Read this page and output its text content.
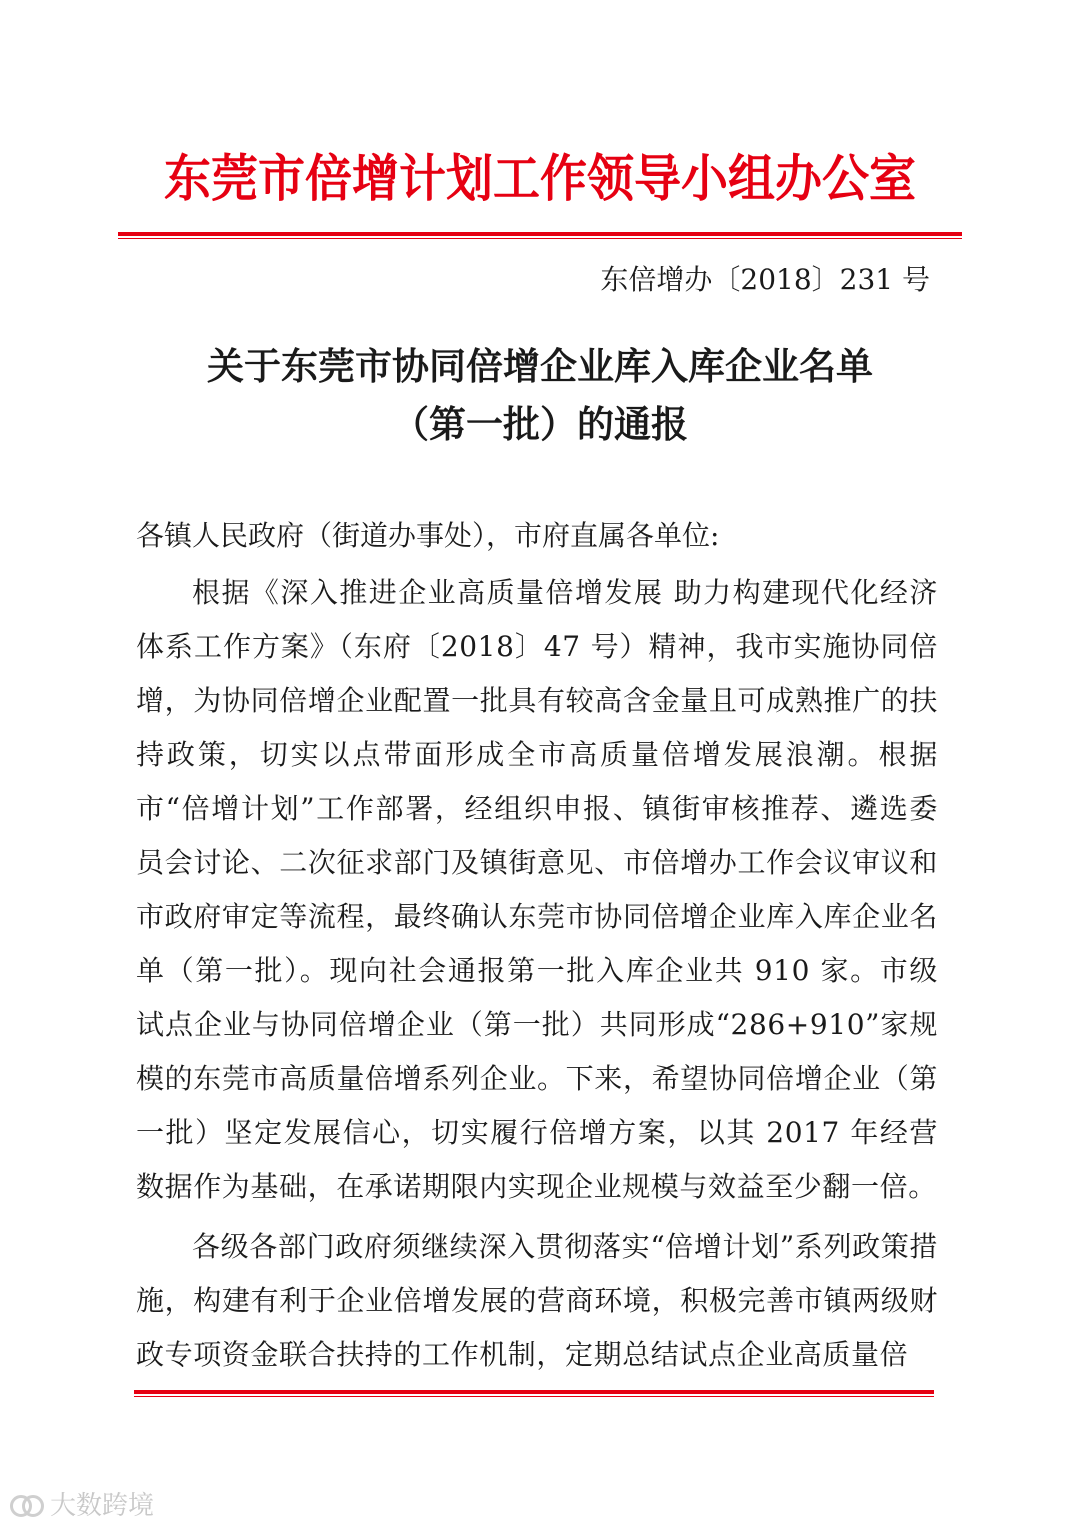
东莞市倍增计划工作领导小组办公室
东倍增办〔2018〕231 号
关于东莞市协同倍增企业库入库企业名单
（第一批）的通报
各镇人民政府（街道办事处），市府直属各单位:

根据《深入推进企业高质量倍增发展 助力构建现代化经济体系工作方案》（东府〔2018〕47 号）精神，我市实施协同倍增，为协同倍增企业配置一批具有较高含金量且可成熟推广的扶持政策，切实以点带面形成全市高质量倍增发展浪潮。根据市“倍增计划”工作部署，经组织申报、镇街审核推荐、遴选委员会讨论、二次征求部门及镇街意见、市倍增办工作会议审议和市政府审定等流程，最终确认东莞市协同倍增企业库入库企业名单（第一批）。现向社会通报第一批入库企业共 910 家。市级试点企业与协同倍增企业（第一批）共同形成“286+910”家规模的东莞市高质量倍增系列企业。下来，希望协同倍增企业（第一批）坚定发展信心，切实履行倍增方案，以其 2017 年经营数据作为基础，在承诺期限内实现企业规模与效益至少翻一倍。

各级各部门政府须继续深入贯彻落实“倍增计划”系列政策措施，构建有利于企业倍增发展的营商环境，积极完善市镇两级财政专项资金联合扶持的工作机制，定期总结试点企业高质量倍

大数跨境
